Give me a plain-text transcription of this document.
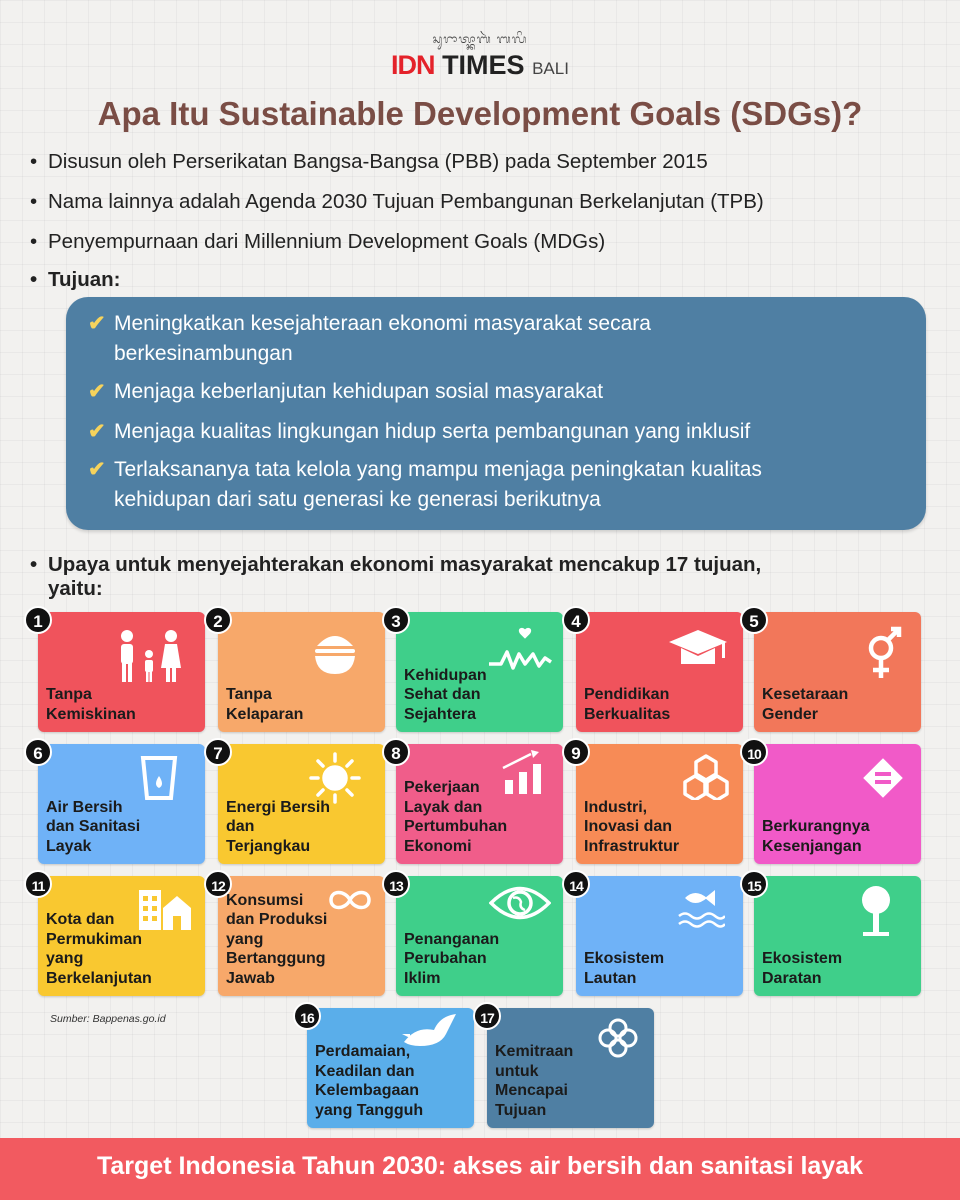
ᬲᬸᬭᬵᬢ᭄ᬓᬵᬩᬃ ᬩᬮᬶ
IDN TIMES BALI
Apa Itu Sustainable Development Goals (SDGs)?
• Disusun oleh Perserikatan Bangsa-Bangsa (PBB) pada September 2015
• Nama lainnya adalah Agenda 2030 Tujuan Pembangunan Berkelanjutan (TPB)
• Penyempurnaan dari Millennium Development Goals (MDGs)
• Tujuan:
✔ Meningkatkan kesejahteraan ekonomi masyarakat secara
berkesinambungan
✔ Menjaga keberlanjutan kehidupan sosial masyarakat
✔ Menjaga kualitas lingkungan hidup serta pembangunan yang inklusif
✔ Terlaksananya tata kelola yang mampu menjaga peningkatan kualitas
kehidupan dari satu generasi ke generasi berikutnya
• Upaya untuk menyejahterakan ekonomi masyarakat mencakup 17 tujuan,
yaitu:
Tanpa
Kemiskinan
Tanpa
Kelaparan
Kehidupan
Sehat dan
Sejahtera
Pendidikan
Berkualitas
Kesetaraan
Gender
Air Bersih
dan Sanitasi
Layak
Energi Bersih
dan
Terjangkau
Pekerjaan
Layak dan
Pertumbuhan
Ekonomi
Industri,
Inovasi dan
Infrastruktur
Berkurangnya
Kesenjangan
Kota dan
Permukiman
yang
Berkelanjutan
Konsumsi
dan Produksi
yang
Bertanggung
Jawab
Penanganan
Perubahan
Iklim
Ekosistem
Lautan
Ekosistem
Daratan
Perdamaian,
Keadilan dan
Kelembagaan
yang Tangguh
Kemitraan
untuk
Mencapai
Tujuan
1	2	3	4	5
6	7	8	9	10
11	12	13	14	15
16	17
Sumber: Bappenas.go.id
Target Indonesia Tahun 2030: akses air bersih dan sanitasi layak
